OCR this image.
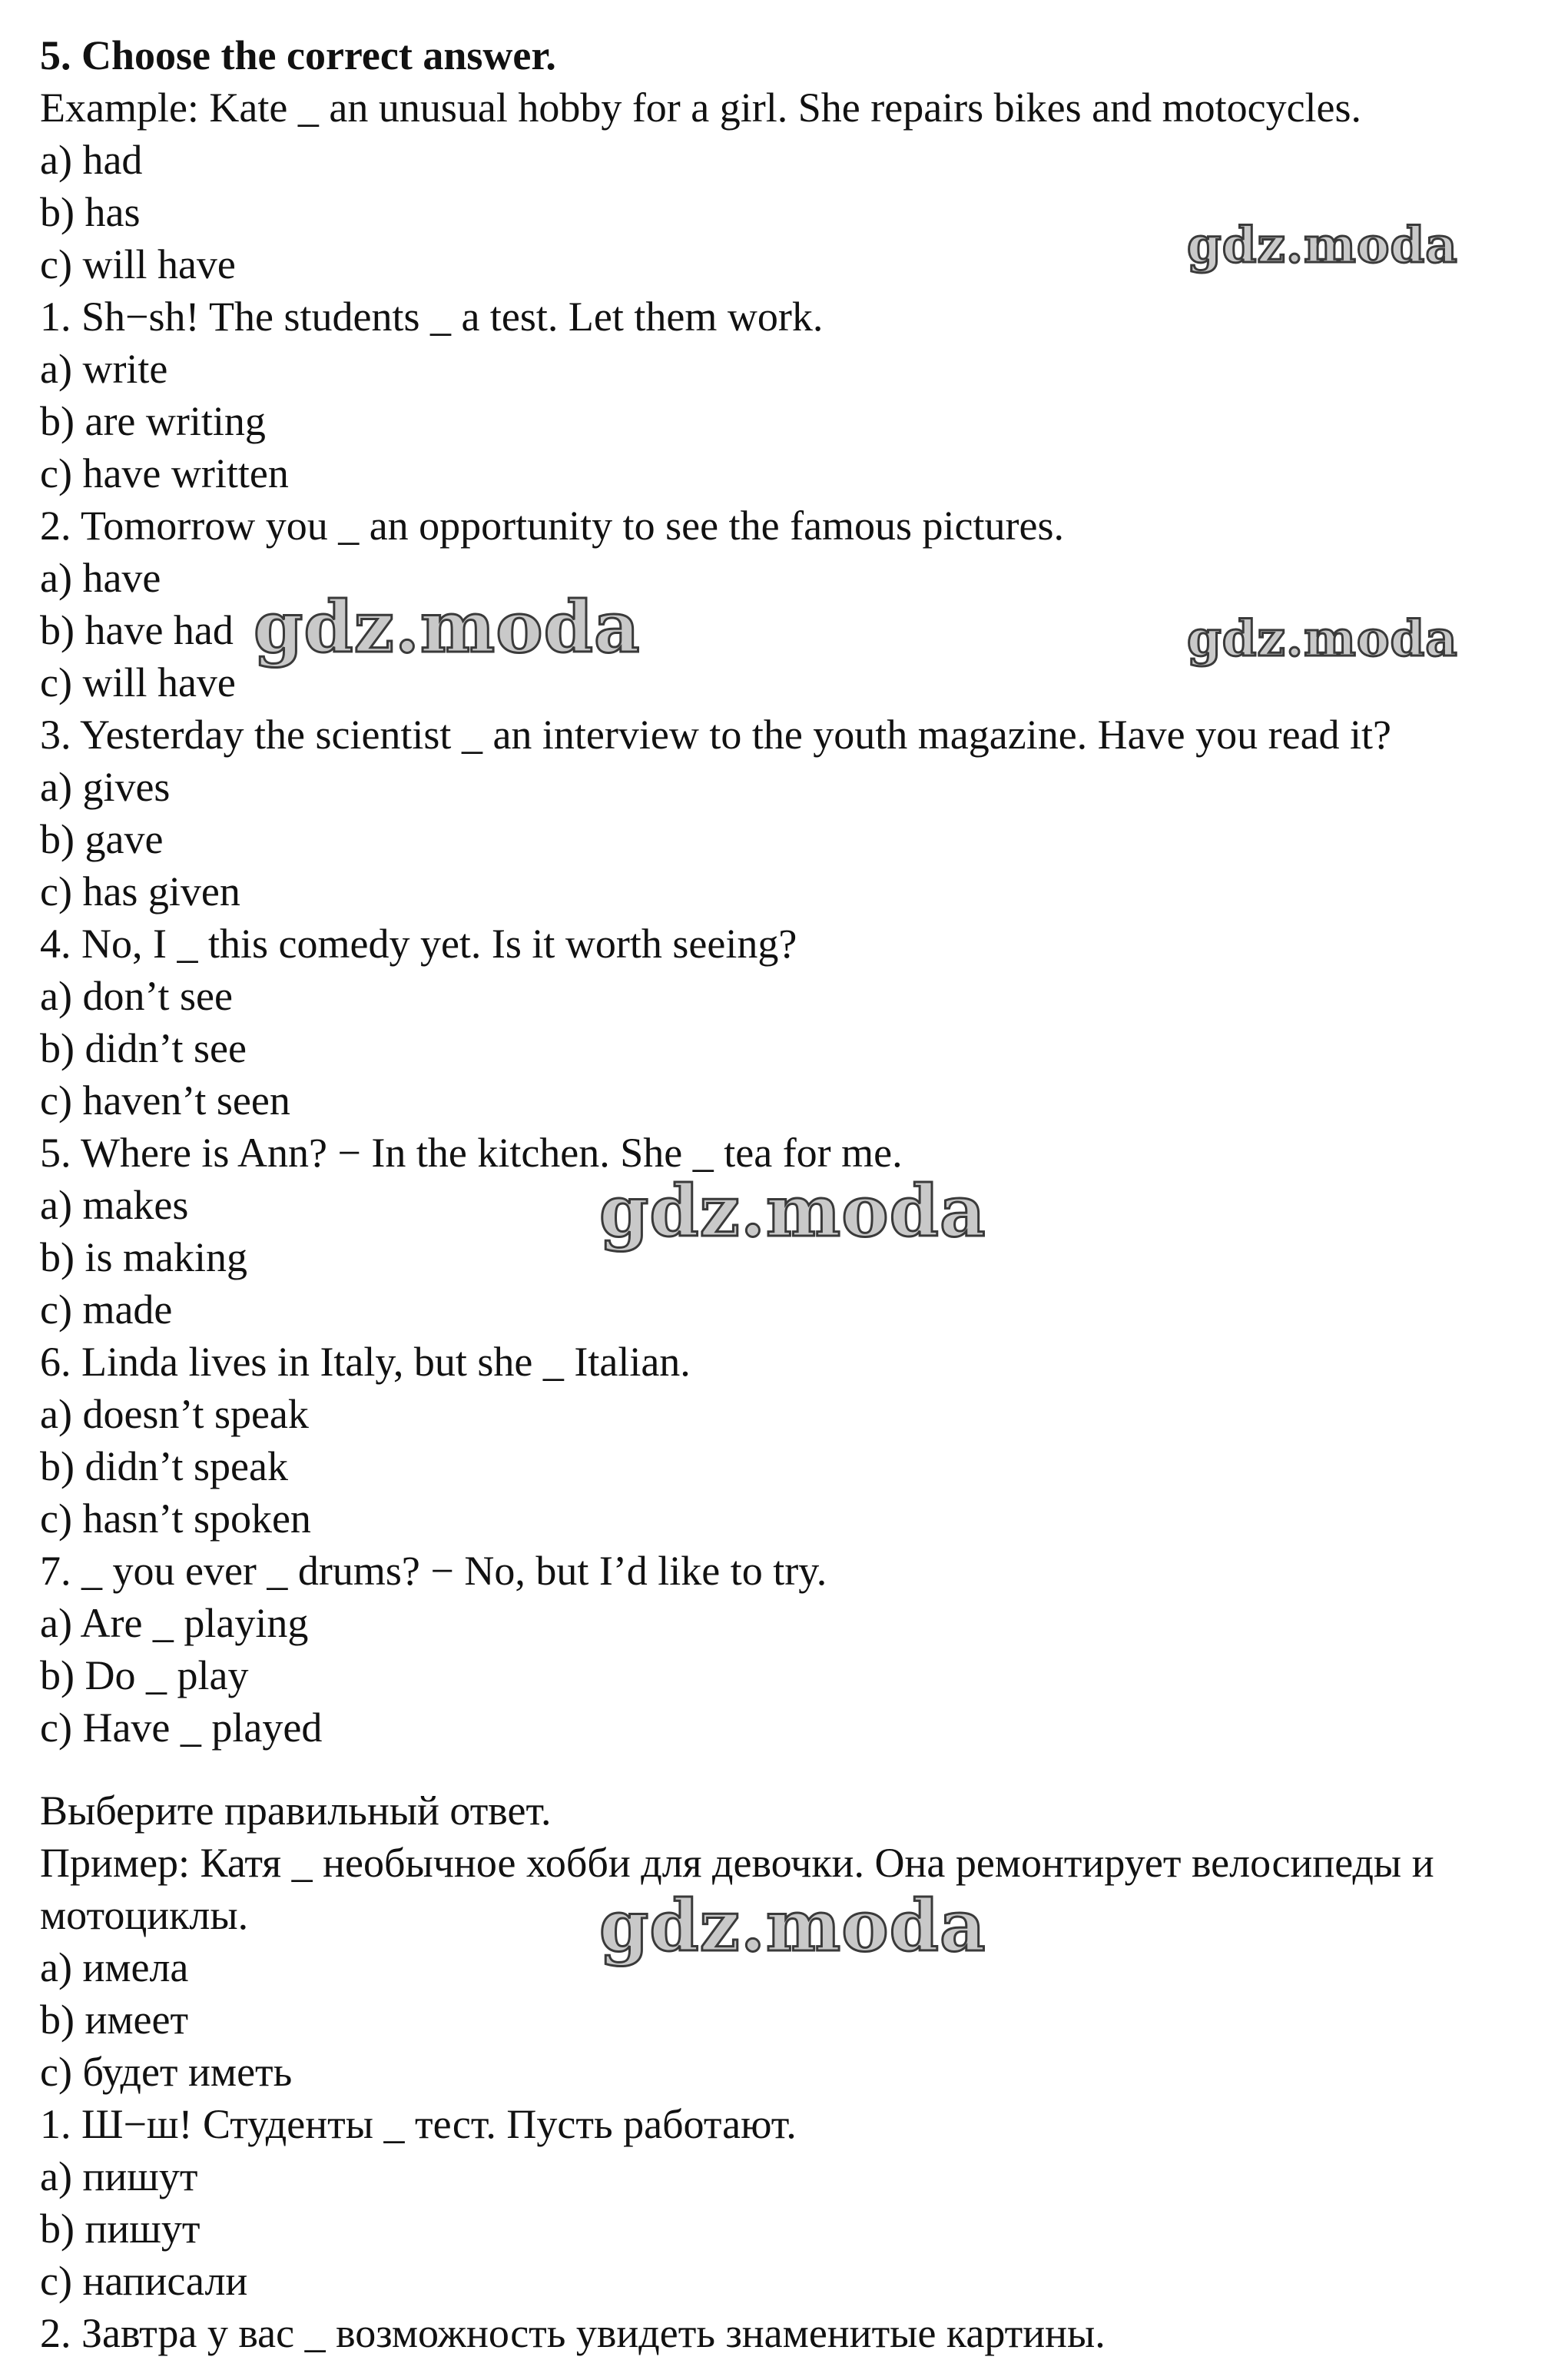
5. Choose the correct answer.
Example: Kate _ an unusual hobby for a girl. She repairs bikes and motocycles.
a) had
b) has
c) will have
1. Sh−sh! The students _ a test. Let them work.
a) write
b) are writing
c) have written
2. Tomorrow you _ an opportunity to see the famous pictures.
a) have
b) have had
c) will have
3. Yesterday the scientist _ an interview to the youth magazine. Have you read it?
a) gives
b) gave
c) has given
4. No, I _ this comedy yet. Is it worth seeing?
a) don’t see
b) didn’t see
c) haven’t seen
5. Where is Ann? − In the kitchen. She _ tea for me.
a) makes
b) is making
c) made
6. Linda lives in Italy, but she _ Italian.
a) doesn’t speak
b) didn’t speak
c) hasn’t spoken
7. _ you ever _ drums? − No, but I’d like to try.
a) Are _ playing
b) Do _ play
c) Have _ played
Выберите правильный ответ.
Пример: Катя _ необычное хобби для девочки. Она ремонтирует велосипеды и мотоциклы.
a) имела
b) имеет
c) будет иметь
1. Ш−ш! Студенты _ тест. Пусть работают.
a) пишут
b) пишут
c) написали
2. Завтра у вас _ возможность увидеть знаменитые картины.
gdz.moda
gdz.moda	gdz.moda
gdz.moda
gdz.moda
